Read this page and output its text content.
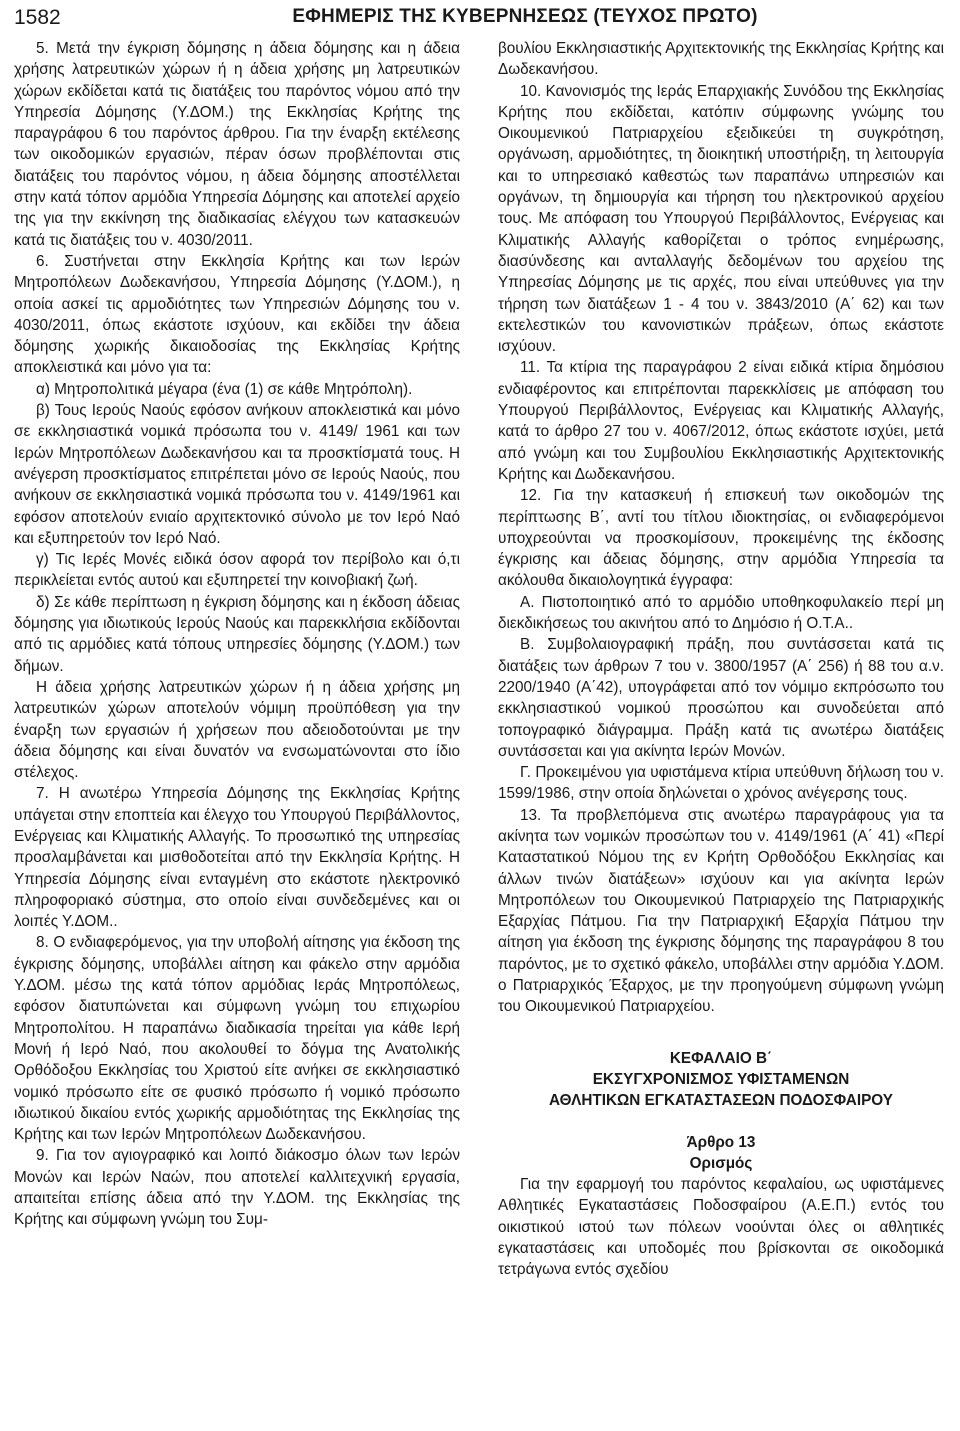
1582	ΕΦΗΜΕΡΙΣ ΤΗΣ ΚΥΒΕΡΝΗΣΕΩΣ (ΤΕΥΧΟΣ ΠΡΩΤΟ)

5. Μετά την έγκριση δόμησης η άδεια δόμησης και η άδεια χρήσης λατρευτικών χώρων ή η άδεια χρήσης μη λατρευτικών χώρων εκδίδεται κατά τις διατάξεις του παρόντος νόμου από την Υπηρεσία Δόμησης (Υ.ΔΟΜ.) της Εκκλησίας Κρήτης της παραγράφου 6 του παρόντος άρθρου. Για την έναρξη εκτέλεσης των οικοδομικών εργασιών, πέραν όσων προβλέπονται στις διατάξεις του παρόντος νόμου, η άδεια δόμησης αποστέλλεται στην κατά τόπον αρμόδια Υπηρεσία Δόμησης και αποτελεί αρχείο της για την εκκίνηση της διαδικασίας ελέγχου των κατασκευών κατά τις διατάξεις του ν. 4030/2011.

6. Συστήνεται στην Εκκλησία Κρήτης και των Ιερών Μητροπόλεων Δωδεκανήσου, Υπηρεσία Δόμησης (Υ.ΔΟΜ.), η οποία ασκεί τις αρμοδιότητες των Υπηρεσιών Δόμησης του ν. 4030/2011, όπως εκάστοτε ισχύουν, και εκδίδει την άδεια δόμησης χωρικής δικαιοδοσίας της Εκκλησίας Κρήτης αποκλειστικά και μόνο για τα:

α) Μητροπολιτικά μέγαρα (ένα (1) σε κάθε Μητρόπολη).

β) Τους Ιερούς Ναούς εφόσον ανήκουν αποκλειστικά και μόνο σε εκκλησιαστικά νομικά πρόσωπα του ν. 4149/ 1961 και των Ιερών Μητροπόλεων Δωδεκανήσου και τα προσκτίσματά τους. Η ανέγερση προσκτίσματος επιτρέπεται μόνο σε Ιερούς Ναούς, που ανήκουν σε εκκλησιαστικά νομικά πρόσωπα του ν. 4149/1961 και εφόσον αποτελούν ενιαίο αρχιτεκτονικό σύνολο με τον Ιερό Ναό και εξυπηρετούν τον Ιερό Ναό.

γ) Τις Ιερές Μονές ειδικά όσον αφορά τον περίβολο και ό,τι περικλείεται εντός αυτού και εξυπηρετεί την κοινοβιακή ζωή.

δ) Σε κάθε περίπτωση η έγκριση δόμησης και η έκδοση άδειας δόμησης για ιδιωτικούς Ιερούς Ναούς και παρεκκλήσια εκδίδονται από τις αρμόδιες κατά τόπους υπηρεσίες δόμησης (Υ.ΔΟΜ.) των δήμων.

Η άδεια χρήσης λατρευτικών χώρων ή η άδεια χρήσης μη λατρευτικών χώρων αποτελούν νόμιμη προϋπόθεση για την έναρξη των εργασιών ή χρήσεων που αδειοδοτούνται με την άδεια δόμησης και είναι δυνατόν να ενσωματώνονται στο ίδιο στέλεχος.

7. Η ανωτέρω Υπηρεσία Δόμησης της Εκκλησίας Κρήτης υπάγεται στην εποπτεία και έλεγχο του Υπουργού Περιβάλλοντος, Ενέργειας και Κλιματικής Αλλαγής. Το προσωπικό της υπηρεσίας προσλαμβάνεται και μισθοδοτείται από την Εκκλησία Κρήτης. Η Υπηρεσία Δόμησης είναι ενταγμένη στο εκάστοτε ηλεκτρονικό πληροφοριακό σύστημα, στο οποίο είναι συνδεδεμένες και οι λοιπές Υ.ΔΟΜ..

8. Ο ενδιαφερόμενος, για την υποβολή αίτησης για έκδοση της έγκρισης δόμησης, υποβάλλει αίτηση και φάκελο στην αρμόδια Υ.ΔΟΜ. μέσω της κατά τόπον αρμόδιας Ιεράς Μητροπόλεως, εφόσον διατυπώνεται και σύμφωνη γνώμη του επιχωρίου Μητροπολίτου. Η παραπάνω διαδικασία τηρείται για κάθε Ιερή Μονή ή Ιερό Ναό, που ακολουθεί το δόγμα της Ανατολικής Ορθόδοξου Εκκλησίας του Χριστού είτε ανήκει σε εκκλησιαστικό νομικό πρόσωπο είτε σε φυσικό πρόσωπο ή νομικό πρόσωπο ιδιωτικού δικαίου εντός χωρικής αρμοδιότητας της Εκκλησίας της Κρήτης και των Ιερών Μητροπόλεων Δωδεκανήσου.

9. Για τον αγιογραφικό και λοιπό διάκοσμο όλων των Ιερών Μονών και Ιερών Ναών, που αποτελεί καλλιτεχνική εργασία, απαιτείται επίσης άδεια από την Υ.ΔΟΜ. της Εκκλησίας της Κρήτης και σύμφωνη γνώμη του Συμ-

βουλίου Εκκλησιαστικής Αρχιτεκτονικής της Εκκλησίας Κρήτης και Δωδεκανήσου.

10. Κανονισμός της Ιεράς Επαρχιακής Συνόδου της Εκκλησίας Κρήτης που εκδίδεται, κατόπιν σύμφωνης γνώμης του Οικουμενικού Πατριαρχείου εξειδικεύει τη συγκρότηση, οργάνωση, αρμοδιότητες, τη διοικητική υποστήριξη, τη λειτουργία και το υπηρεσιακό καθεστώς των παραπάνω υπηρεσιών και οργάνων, τη δημιουργία και τήρηση του ηλεκτρονικού αρχείου τους. Με απόφαση του Υπουργού Περιβάλλοντος, Ενέργειας και Κλιματικής Αλλαγής καθορίζεται ο τρόπος ενημέρωσης, διασύνδεσης και ανταλλαγής δεδομένων του αρχείου της Υπηρεσίας Δόμησης με τις αρχές, που είναι υπεύθυνες για την τήρηση των διατάξεων 1 - 4 του ν. 3843/2010 (Α΄ 62) και των εκτελεστικών του κανονιστικών πράξεων, όπως εκάστοτε ισχύουν.

11. Τα κτίρια της παραγράφου 2 είναι ειδικά κτίρια δημόσιου ενδιαφέροντος και επιτρέπονται παρεκκλίσεις με απόφαση του Υπουργού Περιβάλλοντος, Ενέργειας και Κλιματικής Αλλαγής, κατά το άρθρο 27 του ν. 4067/2012, όπως εκάστοτε ισχύει, μετά από γνώμη και του Συμβουλίου Εκκλησιαστικής Αρχιτεκτονικής Κρήτης και Δωδεκανήσου.

12. Για την κατασκευή ή επισκευή των οικοδομών της περίπτωσης Β΄, αντί του τίτλου ιδιοκτησίας, οι ενδιαφερόμενοι υποχρεούνται να προσκομίσουν, προκειμένης της έκδοσης έγκρισης και άδειας δόμησης, στην αρμόδια Υπηρεσία τα ακόλουθα δικαιολογητικά έγγραφα:

Α. Πιστοποιητικό από το αρμόδιο υποθηκοφυλακείο περί μη διεκδικήσεως του ακινήτου από το Δημόσιο ή Ο.Τ.Α..

Β. Συμβολαιογραφική πράξη, που συντάσσεται κατά τις διατάξεις των άρθρων 7 του ν. 3800/1957 (Α΄ 256) ή 88 του α.ν. 2200/1940 (Α΄42), υπογράφεται από τον νόμιμο εκπρόσωπο του εκκλησιαστικού νομικού προσώπου και συνοδεύεται από τοπογραφικό διάγραμμα. Πράξη κατά τις ανωτέρω διατάξεις συντάσσεται και για ακίνητα Ιερών Μονών.

Γ. Προκειμένου για υφιστάμενα κτίρια υπεύθυνη δήλωση του ν. 1599/1986, στην οποία δηλώνεται ο χρόνος ανέγερσης τους.

13. Τα προβλεπόμενα στις ανωτέρω παραγράφους για τα ακίνητα των νομικών προσώπων του ν. 4149/1961 (Α΄ 41) «Περί Καταστατικού Νόμου της εν Κρήτη Ορθοδόξου Εκκλησίας και άλλων τινών διατάξεων» ισχύουν και για ακίνητα Ιερών Μητροπόλεων του Οικουμενικού Πατριαρχείο της Πατριαρχικής Εξαρχίας Πάτμου. Για την Πατριαρχική Εξαρχία Πάτμου την αίτηση για έκδοση της έγκρισης δόμησης της παραγράφου 8 του παρόντος, με το σχετικό φάκελο, υποβάλλει στην αρμόδια Υ.ΔΟΜ. ο Πατριαρχικός Έξαρχος, με την προηγούμενη σύμφωνη γνώμη του Οικουμενικού Πατριαρχείου.

ΚΕΦΑΛΑΙΟ Β΄
ΕΚΣΥΓΧΡΟΝΙΣΜΟΣ ΥΦΙΣΤΑΜΕΝΩΝ
ΑΘΛΗΤΙΚΩΝ ΕΓΚΑΤΑΣΤΑΣΕΩΝ ΠΟΔΟΣΦΑΙΡΟΥ
Άρθρο 13
Ορισμός

Για την εφαρμογή του παρόντος κεφαλαίου, ως υφιστάμενες Αθλητικές Εγκαταστάσεις Ποδοσφαίρου (Α.Ε.Π.) εντός του οικιστικού ιστού των πόλεων νοούνται όλες οι αθλητικές εγκαταστάσεις και υποδομές που βρίσκονται σε οικοδομικά τετράγωνα εντός σχεδίου
